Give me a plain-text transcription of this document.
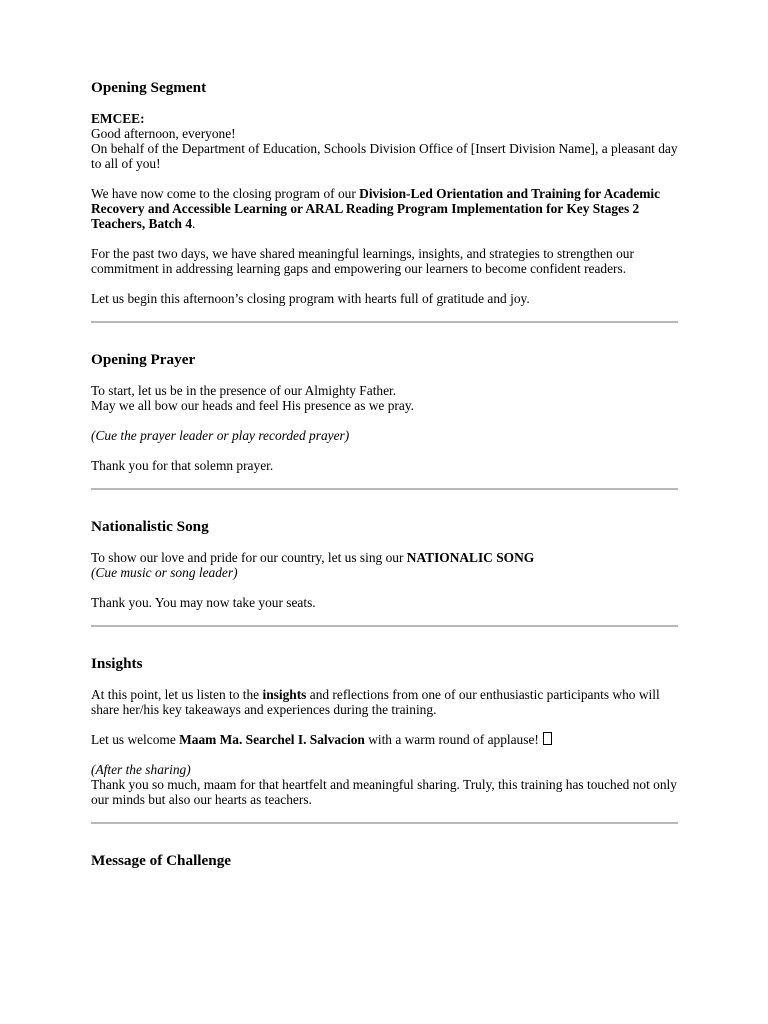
Opening Segment

EMCEE:
Good afternoon, everyone!
On behalf of the Department of Education, Schools Division Office of [Insert Division Name], a pleasant day to all of you!

We have now come to the closing program of our Division-Led Orientation and Training for Academic Recovery and Accessible Learning or ARAL Reading Program Implementation for Key Stages 2 Teachers, Batch 4.

For the past two days, we have shared meaningful learnings, insights, and strategies to strengthen our commitment in addressing learning gaps and empowering our learners to become confident readers.

Let us begin this afternoon’s closing program with hearts full of gratitude and joy.

Opening Prayer

To start, let us be in the presence of our Almighty Father.
May we all bow our heads and feel His presence as we pray.

(Cue the prayer leader or play recorded prayer)

Thank you for that solemn prayer.

Nationalistic Song

To show our love and pride for our country, let us sing our NATIONALIC SONG
(Cue music or song leader)

Thank you. You may now take your seats.

Insights

At this point, let us listen to the insights and reflections from one of our enthusiastic participants who will share her/his key takeaways and experiences during the training.

Let us welcome Maam Ma. Searchel I. Salvacion with a warm round of applause!

(After the sharing)
Thank you so much, maam for that heartfelt and meaningful sharing. Truly, this training has touched not only our minds but also our hearts as teachers.

Message of Challenge
